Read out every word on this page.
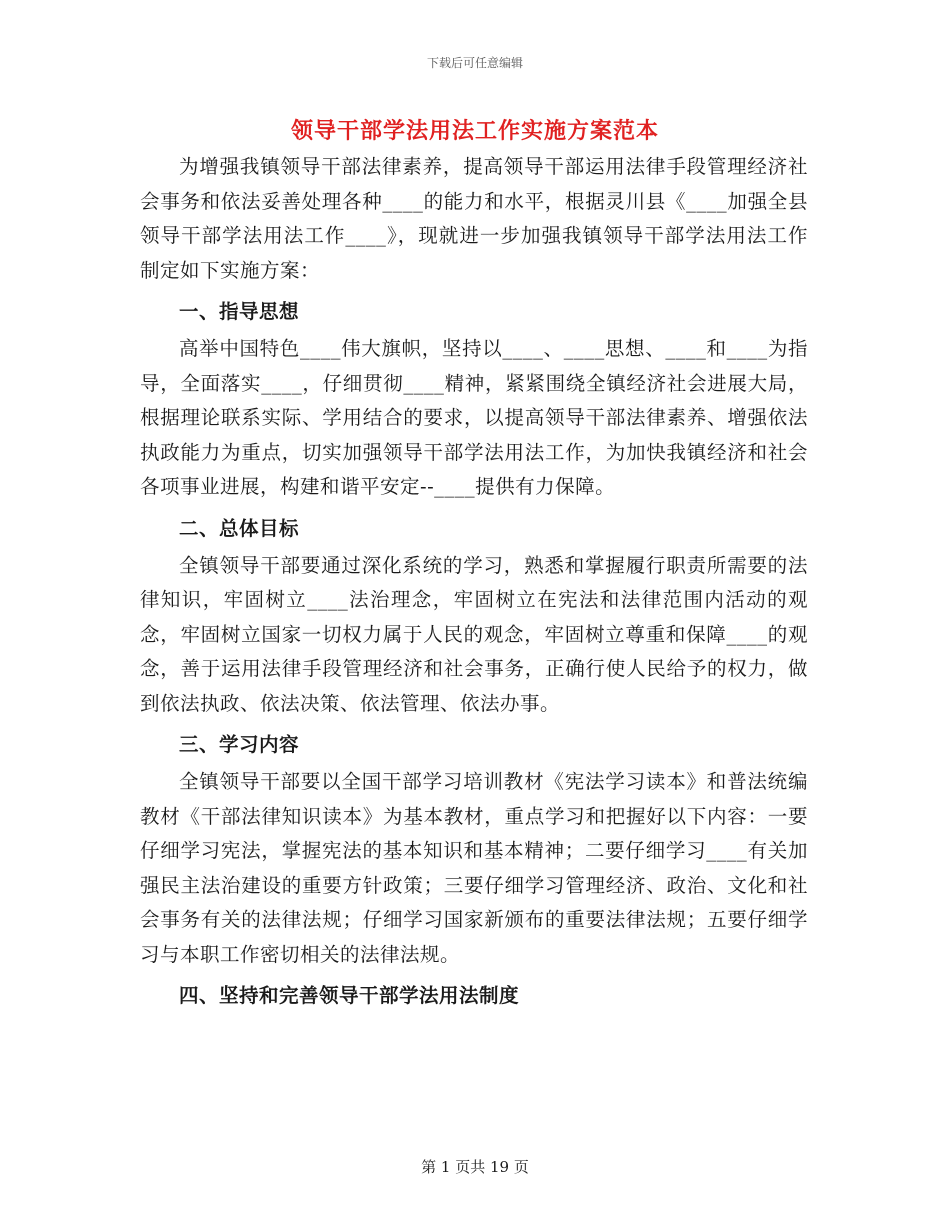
下载后可任意编辑
领导干部学法用法工作实施方案范本

为增强我镇领导干部法律素养，提高领导干部运用法律手段管理经济社会事务和依法妥善处理各种____的能力和水平，根据灵川县《____加强全县领导干部学法用法工作____》，现就进一步加强我镇领导干部学法用法工作制定如下实施方案：

一、指导思想

高举中国特色____伟大旗帜，坚持以____、____思想、____和____为指导，全面落实____，仔细贯彻____精神，紧紧围绕全镇经济社会进展大局，根据理论联系实际、学用结合的要求，以提高领导干部法律素养、增强依法执政能力为重点，切实加强领导干部学法用法工作，为加快我镇经济和社会各项事业进展，构建和谐平安定--____提供有力保障。

二、总体目标

全镇领导干部要通过深化系统的学习，熟悉和掌握履行职责所需要的法律知识，牢固树立____法治理念，牢固树立在宪法和法律范围内活动的观念，牢固树立国家一切权力属于人民的观念，牢固树立尊重和保障____的观念，善于运用法律手段管理经济和社会事务，正确行使人民给予的权力，做到依法执政、依法决策、依法管理、依法办事。

三、学习内容

全镇领导干部要以全国干部学习培训教材《宪法学习读本》和普法统编教材《干部法律知识读本》为基本教材，重点学习和把握好以下内容：一要仔细学习宪法，掌握宪法的基本知识和基本精神；二要仔细学习____有关加强民主法治建设的重要方针政策；三要仔细学习管理经济、政治、文化和社会事务有关的法律法规；仔细学习国家新颁布的重要法律法规；五要仔细学习与本职工作密切相关的法律法规。

四、坚持和完善领导干部学法用法制度
第 1 页共 19 页
